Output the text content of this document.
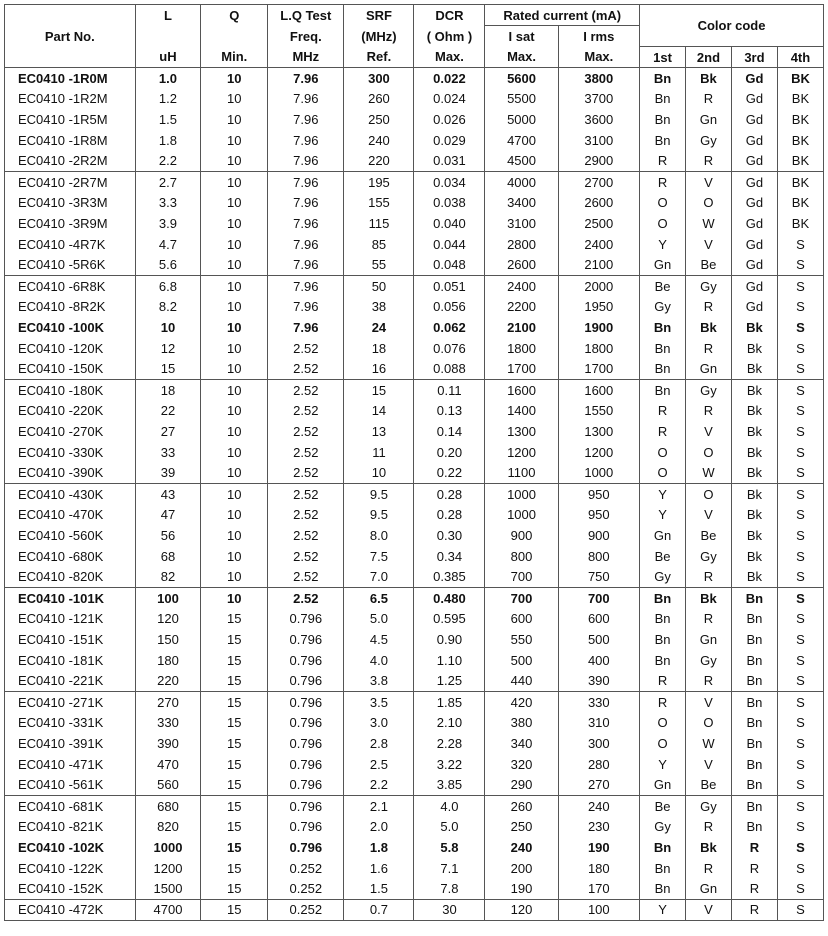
Part No.	L	Q	L.Q Test	SRF	DCR	Rated current (mA)		Color code			
			Freq.	(MHz)	( Ohm )	I sat	I rms				
	uH	Min.	MHz	Ref.	Max.	Max.	Max.	1st	2nd	3rd	4th
EC0410 -1R0M	1.0	10	7.96	300	0.022	5600	3800	Bn	Bk	Gd	BK
EC0410 -1R2M	1.2	10	7.96	260	0.024	5500	3700	Bn	R	Gd	BK
EC0410 -1R5M	1.5	10	7.96	250	0.026	5000	3600	Bn	Gn	Gd	BK
EC0410 -1R8M	1.8	10	7.96	240	0.029	4700	3100	Bn	Gy	Gd	BK
EC0410 -2R2M	2.2	10	7.96	220	0.031	4500	2900	R	R	Gd	BK
EC0410 -2R7M	2.7	10	7.96	195	0.034	4000	2700	R	V	Gd	BK
EC0410 -3R3M	3.3	10	7.96	155	0.038	3400	2600	O	O	Gd	BK
EC0410 -3R9M	3.9	10	7.96	115	0.040	3100	2500	O	W	Gd	BK
EC0410 -4R7K	4.7	10	7.96	85	0.044	2800	2400	Y	V	Gd	S
EC0410 -5R6K	5.6	10	7.96	55	0.048	2600	2100	Gn	Be	Gd	S
EC0410 -6R8K	6.8	10	7.96	50	0.051	2400	2000	Be	Gy	Gd	S
EC0410 -8R2K	8.2	10	7.96	38	0.056	2200	1950	Gy	R	Gd	S
EC0410 -100K	10	10	7.96	24	0.062	2100	1900	Bn	Bk	Bk	S
EC0410 -120K	12	10	2.52	18	0.076	1800	1800	Bn	R	Bk	S
EC0410 -150K	15	10	2.52	16	0.088	1700	1700	Bn	Gn	Bk	S
EC0410 -180K	18	10	2.52	15	0.11	1600	1600	Bn	Gy	Bk	S
EC0410 -220K	22	10	2.52	14	0.13	1400	1550	R	R	Bk	S
EC0410 -270K	27	10	2.52	13	0.14	1300	1300	R	V	Bk	S
EC0410 -330K	33	10	2.52	11	0.20	1200	1200	O	O	Bk	S
EC0410 -390K	39	10	2.52	10	0.22	1100	1000	O	W	Bk	S
EC0410 -430K	43	10	2.52	9.5	0.28	1000	950	Y	O	Bk	S
EC0410 -470K	47	10	2.52	9.5	0.28	1000	950	Y	V	Bk	S
EC0410 -560K	56	10	2.52	8.0	0.30	900	900	Gn	Be	Bk	S
EC0410 -680K	68	10	2.52	7.5	0.34	800	800	Be	Gy	Bk	S
EC0410 -820K	82	10	2.52	7.0	0.385	700	750	Gy	R	Bk	S
EC0410 -101K	100	10	2.52	6.5	0.480	700	700	Bn	Bk	Bn	S
EC0410 -121K	120	15	0.796	5.0	0.595	600	600	Bn	R	Bn	S
EC0410 -151K	150	15	0.796	4.5	0.90	550	500	Bn	Gn	Bn	S
EC0410 -181K	180	15	0.796	4.0	1.10	500	400	Bn	Gy	Bn	S
EC0410 -221K	220	15	0.796	3.8	1.25	440	390	R	R	Bn	S
EC0410 -271K	270	15	0.796	3.5	1.85	420	330	R	V	Bn	S
EC0410 -331K	330	15	0.796	3.0	2.10	380	310	O	O	Bn	S
EC0410 -391K	390	15	0.796	2.8	2.28	340	300	O	W	Bn	S
EC0410 -471K	470	15	0.796	2.5	3.22	320	280	Y	V	Bn	S
EC0410 -561K	560	15	0.796	2.2	3.85	290	270	Gn	Be	Bn	S
EC0410 -681K	680	15	0.796	2.1	4.0	260	240	Be	Gy	Bn	S
EC0410 -821K	820	15	0.796	2.0	5.0	250	230	Gy	R	Bn	S
EC0410 -102K	1000	15	0.796	1.8	5.8	240	190	Bn	Bk	R	S
EC0410 -122K	1200	15	0.252	1.6	7.1	200	180	Bn	R	R	S
EC0410 -152K	1500	15	0.252	1.5	7.8	190	170	Bn	Gn	R	S
EC0410 -472K	4700	15	0.252	0.7	30	120	100	Y	V	R	S
